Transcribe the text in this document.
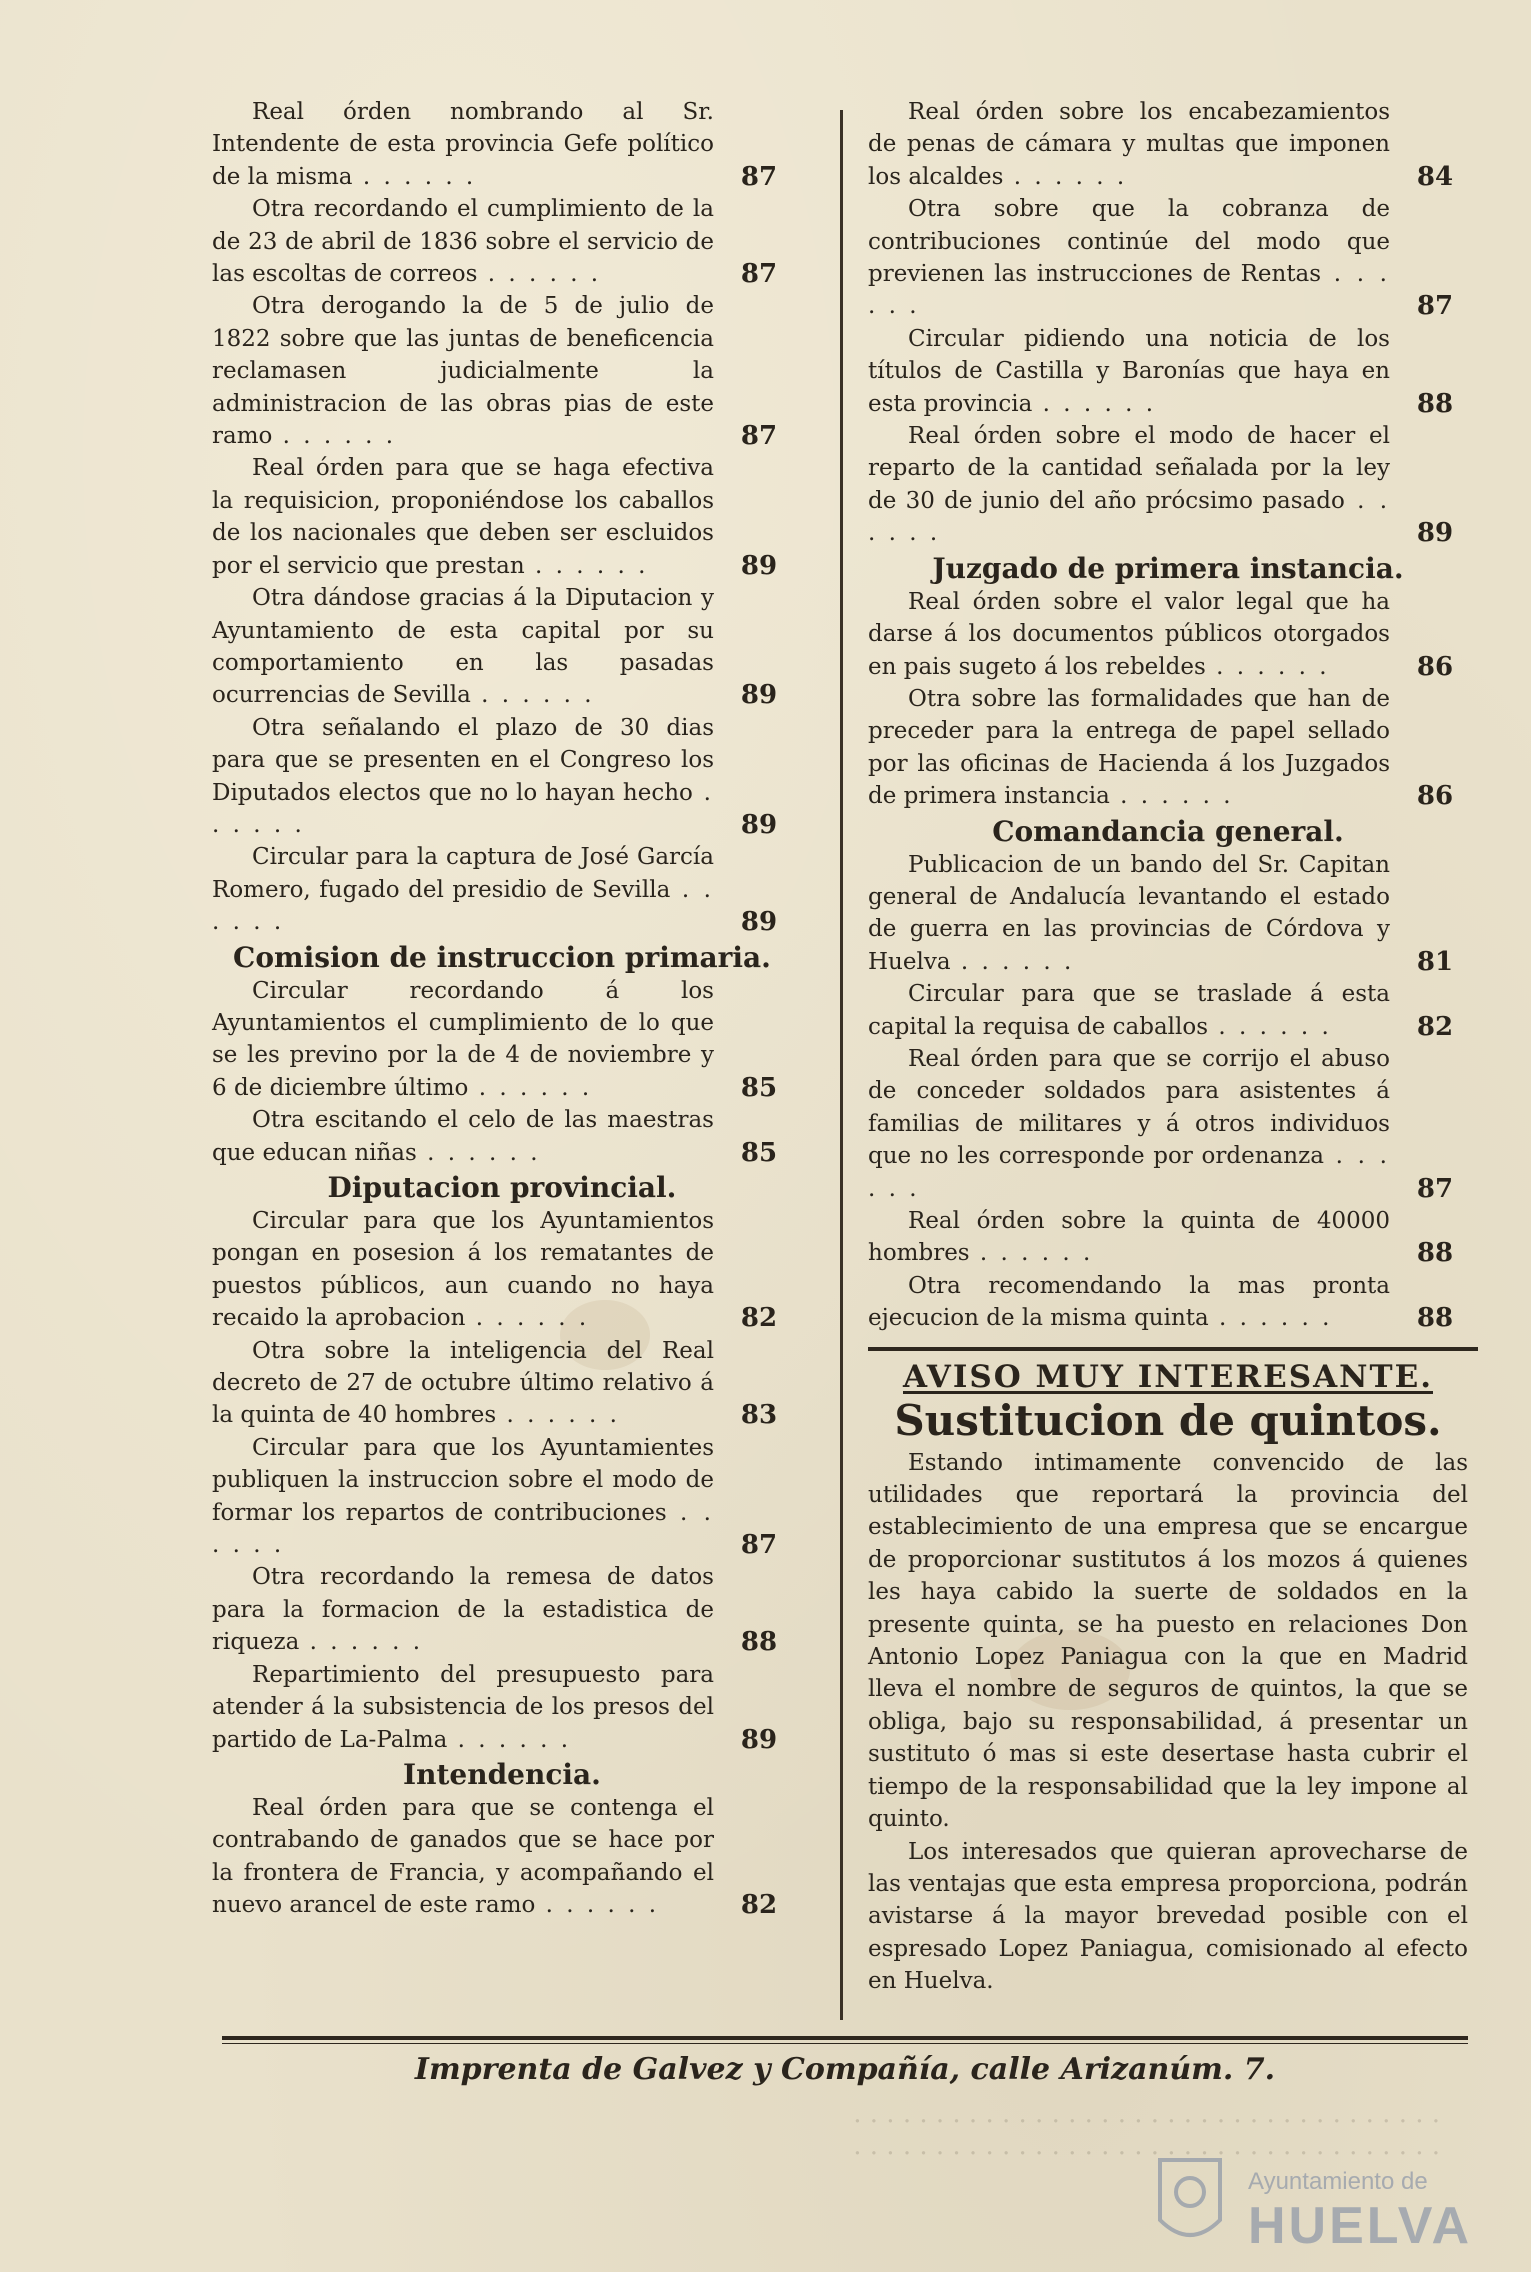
Real órden nombrando al Sr. Intendente de esta provincia Gefe político de la misma . . . . . .	87
Otra recordando el cumplimiento de la de 23 de abril de 1836 sobre el servicio de las escoltas de correos . . . . . .	87
Otra derogando la de 5 de julio de 1822 sobre que las juntas de beneficencia reclamasen judicialmente la administracion de las obras pias de este ramo . . . . . .	87
Real órden para que se haga efectiva la requisicion, proponiéndose los caballos de los nacionales que deben ser escluidos por el servicio que prestan . . . . . .	89
Otra dándose gracias á la Diputacion y Ayuntamiento de esta capital por su comportamiento en las pasadas ocurrencias de Sevilla . . . . . .	89
Otra señalando el plazo de 30 dias para que se presenten en el Congreso los Diputados electos que no lo hayan hecho . . . . . .	89
Circular para la captura de José García Romero, fugado del presidio de Sevilla . . . . . .	89
Comision de instruccion primaria.
Circular recordando á los Ayuntamientos el cumplimiento de lo que se les previno por la de 4 de noviembre y 6 de diciembre último . . . . . .	85
Otra escitando el celo de las maestras que educan niñas . . . . . .	85
Diputacion provincial.
Circular para que los Ayuntamientos pongan en posesion á los rematantes de puestos públicos, aun cuando no haya recaido la aprobacion . . . . . .	82
Otra sobre la inteligencia del Real decreto de 27 de octubre último relativo á la quinta de 40 hombres . . . . . .	83
Circular para que los Ayuntamientes publiquen la instruccion sobre el modo de formar los repartos de contribuciones . . . . . .	87
Otra recordando la remesa de datos para la formacion de la estadistica de riqueza . . . . . .	88
Repartimiento del presupuesto para atender á la subsistencia de los presos del partido de La-Palma . . . . . .	89
Intendencia.
Real órden para que se contenga el contrabando de ganados que se hace por la frontera de Francia, y acompañando el nuevo arancel de este ramo . . . . . .	82
Real órden sobre los encabezamientos de penas de cámara y multas que imponen los alcaldes . . . . . .	84
Otra sobre que la cobranza de contribuciones continúe del modo que previenen las instrucciones de Rentas . . . . . .	87
Circular pidiendo una noticia de los títulos de Castilla y Baronías que haya en esta provincia . . . . . .	88
Real órden sobre el modo de hacer el reparto de la cantidad señalada por la ley de 30 de junio del año prócsimo pasado . . . . . .	89
Juzgado de primera instancia.
Real órden sobre el valor legal que ha darse á los documentos públicos otorgados en pais sugeto á los rebeldes . . . . . .	86
Otra sobre las formalidades que han de preceder para la entrega de papel sellado por las oficinas de Hacienda á los Juzgados de primera instancia . . . . . .	86
Comandancia general.
Publicacion de un bando del Sr. Capitan general de Andalucía levantando el estado de guerra en las provincias de Córdova y Huelva . . . . . .	81
Circular para que se traslade á esta capital la requisa de caballos . . . . . .	82
Real órden para que se corrijo el abuso de conceder soldados para asistentes á familias de militares y á otros individuos que no les corresponde por ordenanza . . . . . .	87
Real órden sobre la quinta de 40000 hombres . . . . . .	88
Otra recomendando la mas pronta ejecucion de la misma quinta . . . . . .	88
AVISO MUY INTERESANTE.
Sustitucion de quintos.

Estando intimamente convencido de las utilidades que reportará la provincia del establecimiento de una empresa que se encargue de proporcionar sustitutos á los mozos á quienes les haya cabido la suerte de soldados en la presente quinta, se ha puesto en relaciones Don Antonio Lopez Paniagua con la que en Madrid lleva el nombre de seguros de quintos, la que se obliga, bajo su responsabilidad, á presentar un sustituto ó mas si este desertase hasta cubrir el tiempo de la responsabilidad que la ley impone al quinto.

Los interesados que quieran aprovecharse de las ventajas que esta empresa proporciona, podrán avistarse á la mayor brevedad posible con el espresado Lopez Paniagua, comisionado al efecto en Huelva.

Imprenta de Galvez y Compañía, calle Arizanúm. 7.
· · · · · · · · · · · · · · · · · · · · · · · · · · · · · · · · · · · ·
· · · · · · · · · · · · · · · · · · · · · · · · · · · · · · · · · · · ·
Ayuntamiento de
HUELVA
